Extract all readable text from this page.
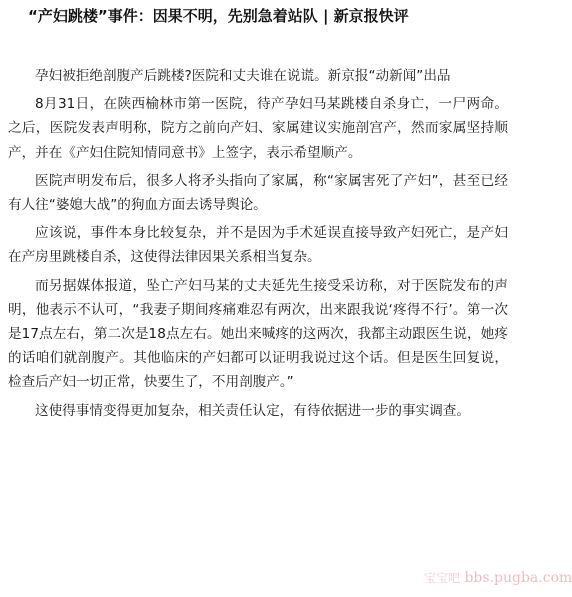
“产妇跳楼”事件：因果不明，先别急着站队 | 新京报快评

孕妇被拒绝剖腹产后跳楼?医院和丈夫谁在说谎。新京报“动新闻”出品

8月31日，在陕西榆林市第一医院，待产孕妇马某跳楼自杀身亡，一尸两命。之后，医院发表声明称，院方之前向产妇、家属建议实施剖宫产，然而家属坚持顺产，并在《产妇住院知情同意书》上签字，表示希望顺产。

医院声明发布后，很多人将矛头指向了家属，称“家属害死了产妇”，甚至已经有人往“婆媳大战”的狗血方面去诱导舆论。

应该说，事件本身比较复杂，并不是因为手术延误直接导致产妇死亡，是产妇在产房里跳楼自杀，这使得法律因果关系相当复杂。

而另据媒体报道，坠亡产妇马某的丈夫延先生接受采访称，对于医院发布的声明，他表示不认可，“我妻子期间疼痛难忍有两次，出来跟我说‘疼得不行’。第一次是17点左右，第二次是18点左右。她出来喊疼的这两次，我都主动跟医生说，她疼的话咱们就剖腹产。其他临床的产妇都可以证明我说过这个话。但是医生回复说，检查后产妇一切正常，快要生了，不用剖腹产。”

这使得事情变得更加复杂，相关责任认定，有待依据进一步的事实调查。

宝宝吧 bbs.pugba.com
